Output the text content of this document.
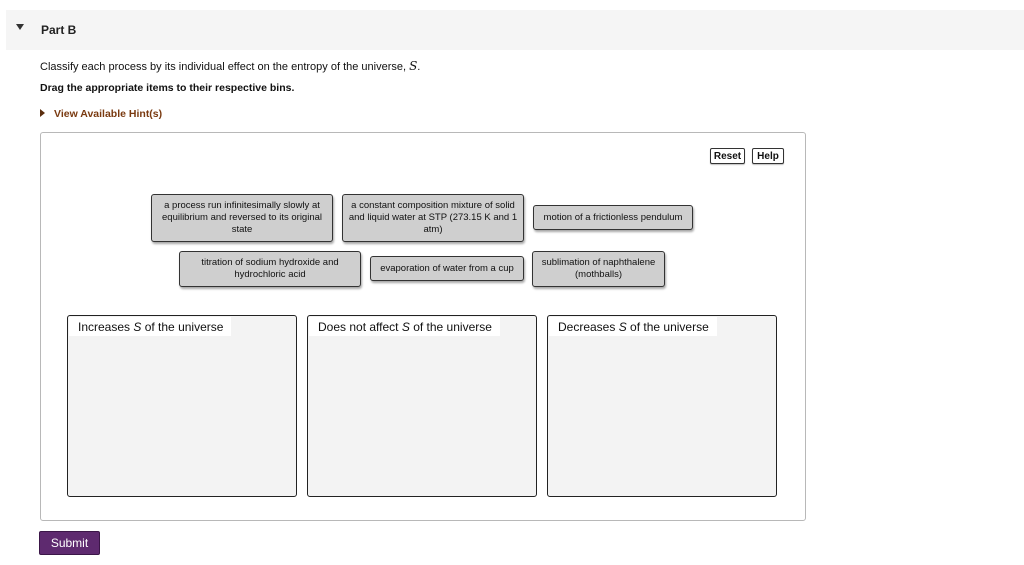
Part B
Classify each process by its individual effect on the entropy of the universe, S.
Drag the appropriate items to their respective bins.
View Available Hint(s)
Reset	Help
a process run infinitesimally slowly at equilibrium and reversed to its original state
a constant composition mixture of solid and liquid water at STP (273.15 K and 1 atm)
motion of a frictionless pendulum
titration of sodium hydroxide and hydrochloric acid
evaporation of water from a cup	sublimation of naphthalene (mothballs)
Increases S of the universe	Does not affect S of the universe	Decreases S of the universe
Submit
